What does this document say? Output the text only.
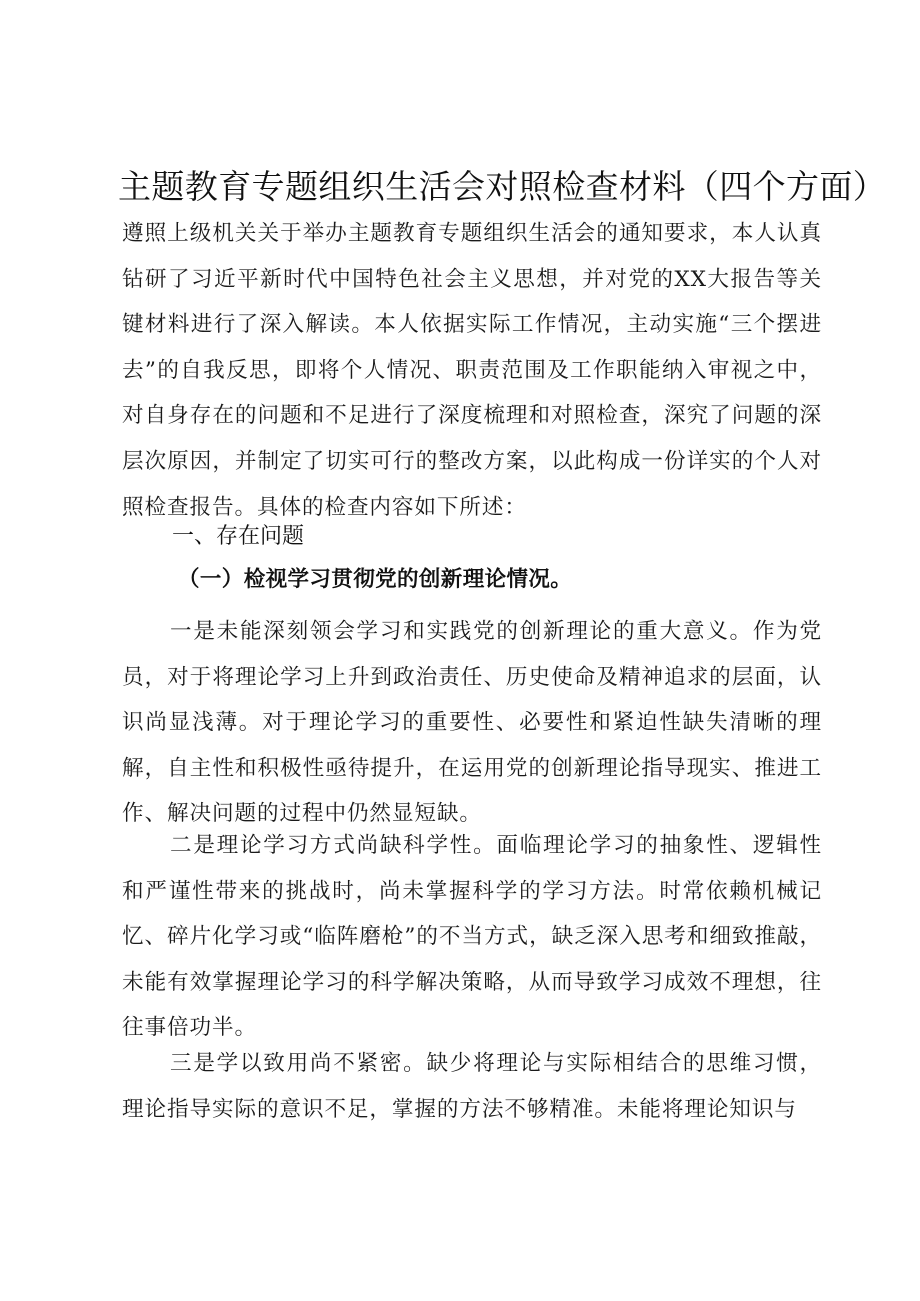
主题教育专题组织生活会对照检查材料（四个方面）
遵照上级机关关于举办主题教育专题组织生活会的通知要求，本人认真钻研了习近平新时代中国特色社会主义思想，并对党的XX大报告等关键材料进行了深入解读。本人依据实际工作情况，主动实施“三个摆进去”的自我反思，即将个人情况、职责范围及工作职能纳入审视之中，对自身存在的问题和不足进行了深度梳理和对照检查，深究了问题的深层次原因，并制定了切实可行的整改方案，以此构成一份详实的个人对照检查报告。具体的检查内容如下所述：
一、存在问题
（一）检视学习贯彻党的创新理论情况。
一是未能深刻领会学习和实践党的创新理论的重大意义。作为党员，对于将理论学习上升到政治责任、历史使命及精神追求的层面，认识尚显浅薄。对于理论学习的重要性、必要性和紧迫性缺失清晰的理解，自主性和积极性亟待提升，在运用党的创新理论指导现实、推进工作、解决问题的过程中仍然显短缺。
二是理论学习方式尚缺科学性。面临理论学习的抽象性、逻辑性和严谨性带来的挑战时，尚未掌握科学的学习方法。时常依赖机械记忆、碎片化学习或“临阵磨枪”的不当方式，缺乏深入思考和细致推敲，未能有效掌握理论学习的科学解决策略，从而导致学习成效不理想，往往事倍功半。
三是学以致用尚不紧密。缺少将理论与实际相结合的思维习惯，理论指导实际的意识不足，掌握的方法不够精准。未能将理论知识与
